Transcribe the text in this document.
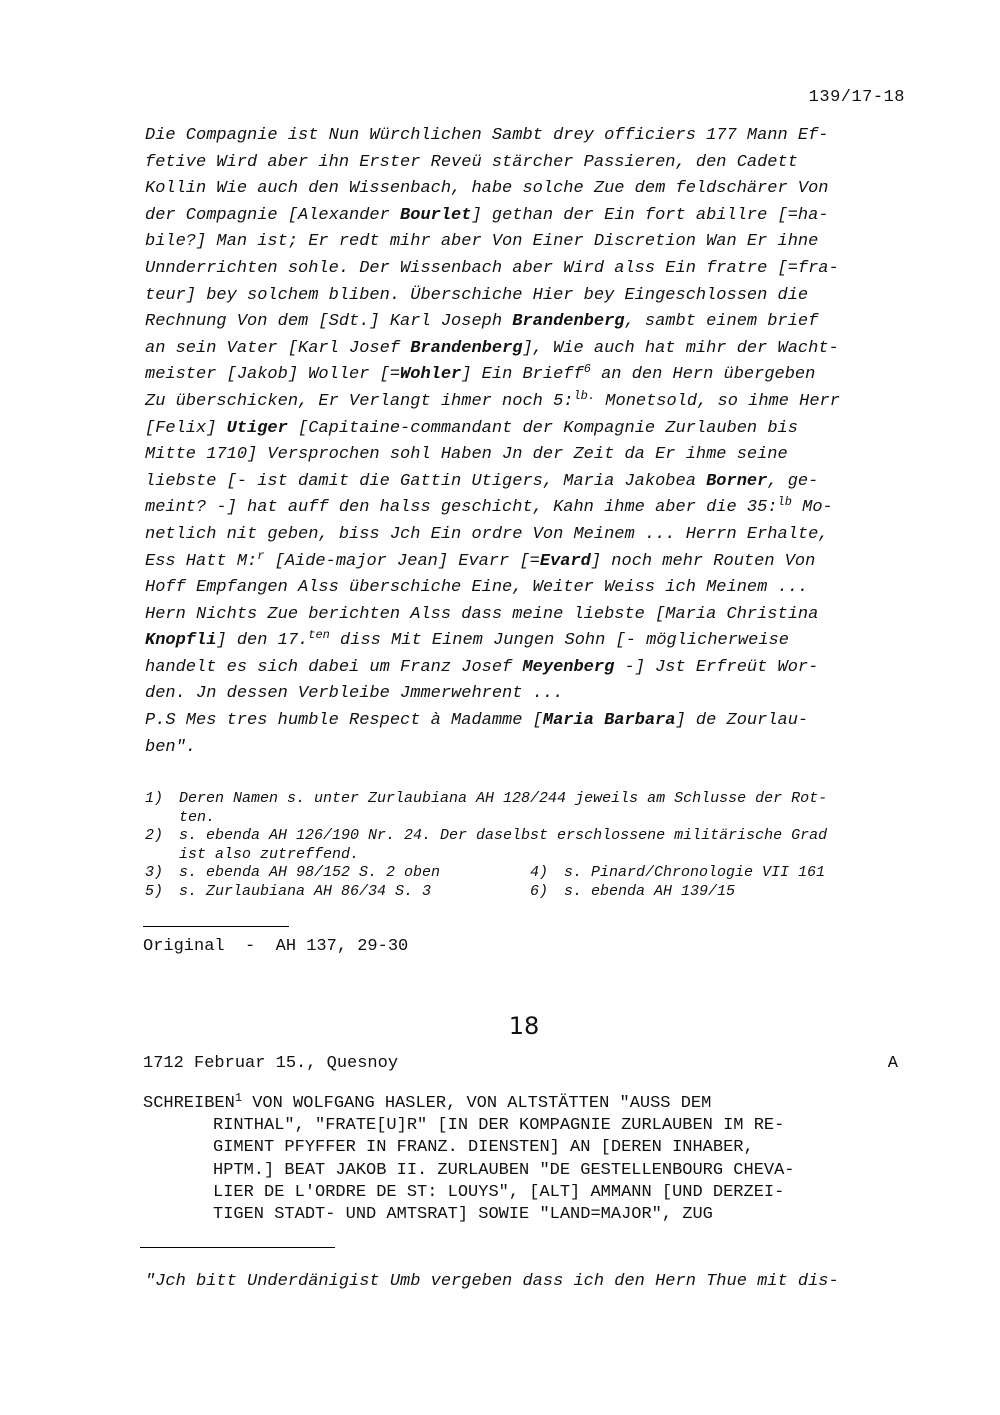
139/17-18
Die Compagnie ist Nun Würchlichen Sambt drey officiers 177 Mann Ef-
fetive Wird aber ihn Erster Reveü stärcher Passieren, den Cadett
Kollin Wie auch den Wissenbach, habe solche Zue dem feldschärer Von
der Compagnie [Alexander Bourlet] gethan der Ein fort abillre [=ha-
bile?] Man ist; Er redt mihr aber Von Einer Discretion Wan Er ihne
Unnderrichten sohle. Der Wissenbach aber Wird alss Ein fratre [=fra-
teur] bey solchem bliben. Überschiche Hier bey Eingeschlossen die
Rechnung Von dem [Sdt.] Karl Joseph Brandenberg, sambt einem brief
an sein Vater [Karl Josef Brandenberg], Wie auch hat mihr der Wacht-
meister [Jakob] Woller [=Wohler] Ein Brieff$^6$ an den Hern übergeben
Zu überschicken, Er Verlangt ihmer noch 5:$^{lb.}$ Monetsold, so ihme Herr
[Felix] Utiger [Capitaine-commandant der Kompagnie Zurlauben bis
Mitte 1710] Versprochen sohl Haben Jn der Zeit da Er ihme seine
liebste [- ist damit die Gattin Utigers, Maria Jakobea Borner, ge-
meint? -] hat auff den halss geschicht, Kahn ihme aber die 35:$^{lb}$ Mo-
netlich nit geben, biss Jch Ein ordre Von Meinem ... Herrn Erhalte,
Ess Hatt M:$^r$ [Aide-major Jean] Evarr [=Evard] noch mehr Routen Von
Hoff Empfangen Alss überschiche Eine, Weiter Weiss ich Meinem ...
Hern Nichts Zue berichten Alss dass meine liebste [Maria Christina
Knopfli] den 17.$^{ten}$ diss Mit Einem Jungen Sohn [- möglicherweise
handelt es sich dabei um Franz Josef Meyenberg -] Jst Erfreüt Wor-
den. Jn dessen Verbleibe Jmmerwehrent ...
P.S Mes tres humble Respect à Madamme [Maria Barbara] de Zourlau-
ben".
1)	Deren Namen s. unter Zurlaubiana AH 128/244 jeweils am Schlusse der Rot-
ten.
2)	s. ebenda AH 126/190 Nr. 24. Der daselbst erschlossene militärische Grad
ist also zutreffend.
3)	s. ebenda AH 98/152 S. 2 oben	4)	s. Pinard/Chronologie VII 161
5)	s. Zurlaubiana AH 86/34 S. 3	6)	s. ebenda AH 139/15
Original  -  AH 137, 29-30
18
1712 Februar 15., Quesnoy	A
SCHREIBEN$^1$ VON WOLFGANG HASLER, VON ALTSTÄTTEN "AUSS DEM
RINTHAL", "FRATE[U]R" [IN DER KOMPAGNIE ZURLAUBEN IM RE-
GIMENT PFYFFER IN FRANZ. DIENSTEN] AN [DEREN INHABER,
HPTM.] BEAT JAKOB II. ZURLAUBEN "DE GESTELLENBOURG CHEVA-
LIER DE L'ORDRE DE ST: LOUYS", [ALT] AMMANN [UND DERZEI-
TIGEN STADT- UND AMTSRAT] SOWIE "LAND=MAJOR", ZUG
"Jch bitt Underdänigist Umb vergeben dass ich den Hern Thue mit dis-
